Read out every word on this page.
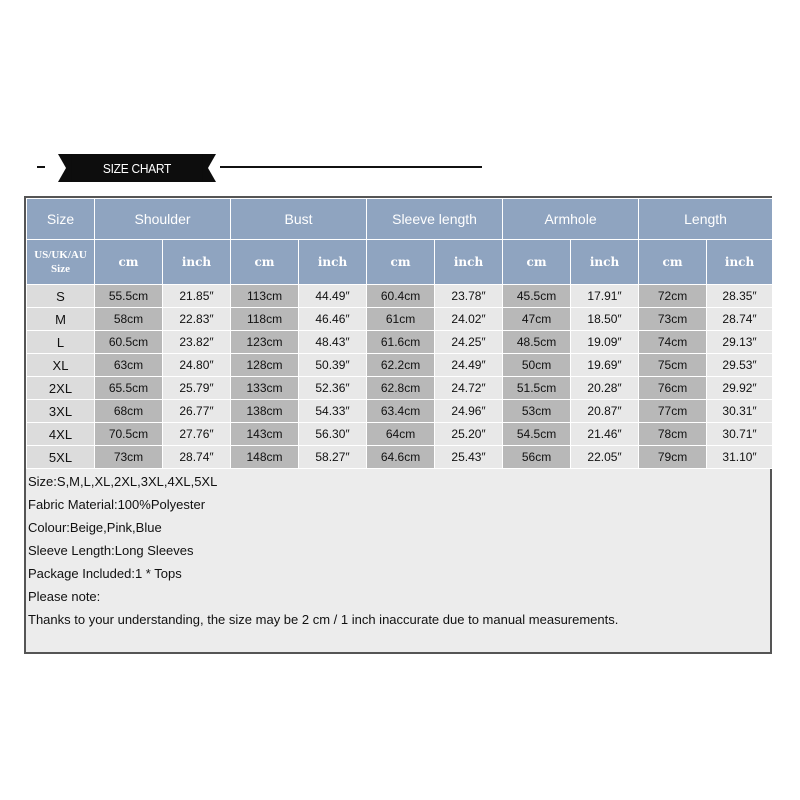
SIZE CHART
Size	Shoulder		Bust		Sleeve length		Armhole		Length	
US/UK/AU
Size	cm	inch	cm	inch	cm	inch	cm	inch	cm	inch
S	55.5cm	21.85″	113cm	44.49″	60.4cm	23.78″	45.5cm	17.91″	72cm	28.35″
M	58cm	22.83″	118cm	46.46″	61cm	24.02″	47cm	18.50″	73cm	28.74″
L	60.5cm	23.82″	123cm	48.43″	61.6cm	24.25″	48.5cm	19.09″	74cm	29.13″
XL	63cm	24.80″	128cm	50.39″	62.2cm	24.49″	50cm	19.69″	75cm	29.53″
2XL	65.5cm	25.79″	133cm	52.36″	62.8cm	24.72″	51.5cm	20.28″	76cm	29.92″
3XL	68cm	26.77″	138cm	54.33″	63.4cm	24.96″	53cm	20.87″	77cm	30.31″
4XL	70.5cm	27.76″	143cm	56.30″	64cm	25.20″	54.5cm	21.46″	78cm	30.71″
5XL	73cm	28.74″	148cm	58.27″	64.6cm	25.43″	56cm	22.05″	79cm	31.10″
Size:S,M,L,XL,2XL,3XL,4XL,5XL
Fabric Material:100%Polyester
Colour:Beige,Pink,Blue
Sleeve Length:Long Sleeves
Package Included:1 * Tops
Please note:
Thanks to your understanding, the size may be 2 cm / 1 inch inaccurate due to manual measurements.
